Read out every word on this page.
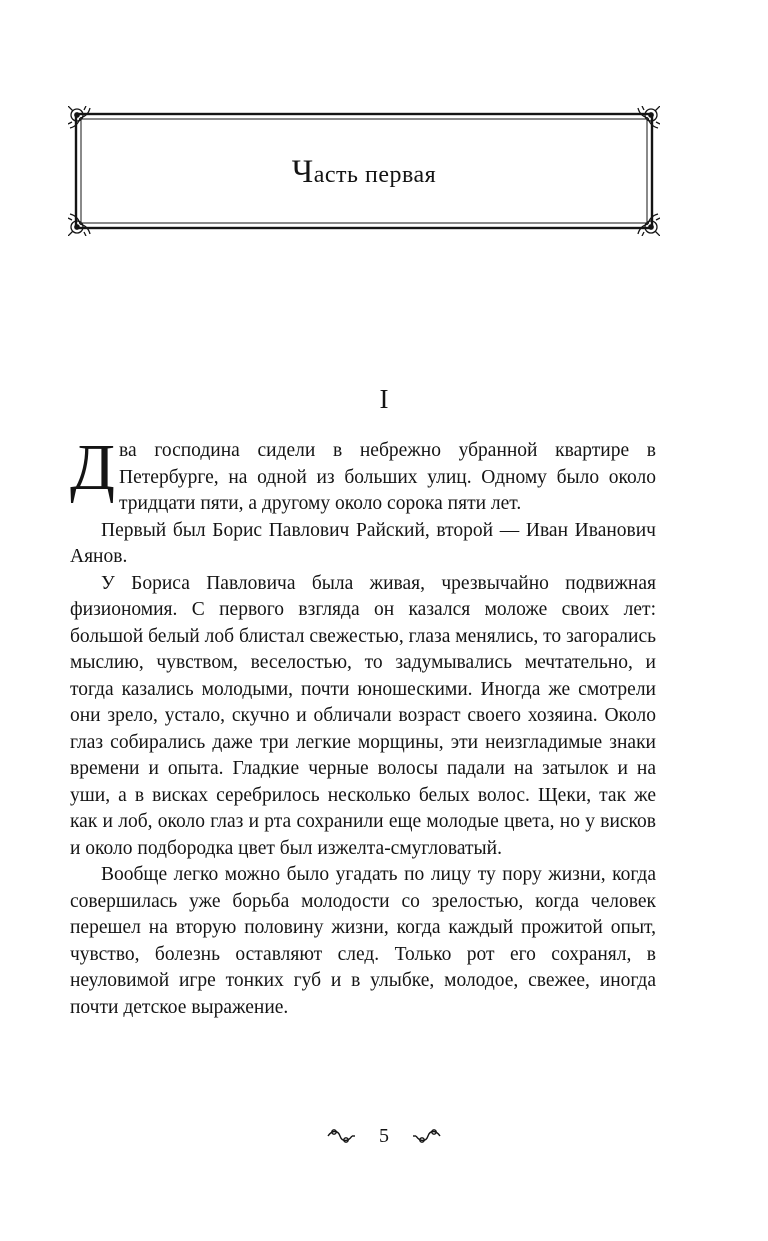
Часть первая
I

Два господина сидели в небрежно убранной квартире в Петербурге, на одной из больших улиц. Одному было около тридцати пяти, а другому около сорока пяти лет.

Первый был Борис Павлович Райский, второй — Иван Иванович Аянов.

У Бориса Павловича была живая, чрезвычайно подвижная физиономия. С первого взгляда он казался моложе своих лет: большой белый лоб блистал свежестью, глаза менялись, то загорались мыслию, чувством, веселостью, то задумывались мечтательно, и тогда казались молодыми, почти юношескими. Иногда же смотрели они зрело, устало, скучно и обличали возраст своего хозяина. Около глаз собирались даже три легкие морщины, эти неизгладимые знаки времени и опыта. Гладкие черные волосы падали на затылок и на уши, а в висках серебрилось несколько белых волос. Щеки, так же как и лоб, около глаз и рта сохранили еще молодые цвета, но у висков и около подбородка цвет был изжелта-смугловатый.

Вообще легко можно было угадать по лицу ту пору жизни, когда совершилась уже борьба молодости со зрелостью, когда человек перешел на вторую половину жизни, когда каждый прожитой опыт, чувство, болезнь оставляют след. Только рот его сохранял, в неуловимой игре тонких губ и в улыбке, молодое, свежее, иногда почти детское выражение.

5
